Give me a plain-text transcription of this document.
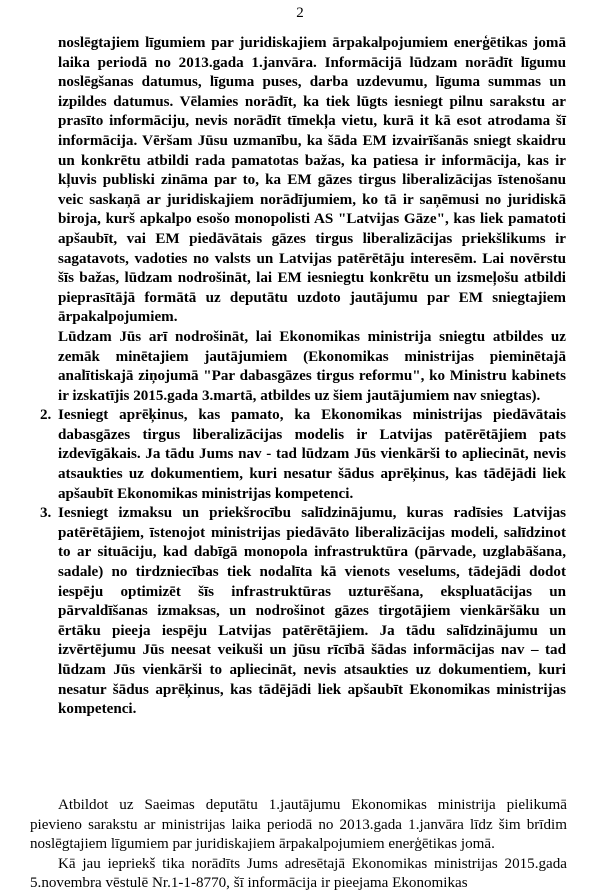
2

noslēgtajiem līgumiem par juridiskajiem ārpakalpojumiem enerģētikas jomā laika periodā no 2013.gada 1.janvāra. Informācijā lūdzam norādīt līgumu noslēgšanas datumus, līguma puses, darba uzdevumu, līguma summas un izpildes datumus. Vēlamies norādīt, ka tiek lūgts iesniegt pilnu sarakstu ar prasīto informāciju, nevis norādīt tīmekļa vietu, kurā it kā esot atrodama šī informācija. Vēršam Jūsu uzmanību, ka šāda EM izvairīšanās sniegt skaidru un konkrētu atbildi rada pamatotas bažas, ka patiesa ir informācija, kas ir kļuvis publiski zināma par to, ka EM gāzes tirgus liberalizācijas īstenošanu veic saskaņā ar juridiskajiem norādījumiem, ko tā ir saņēmusi no juridiskā biroja, kurš apkalpo esošo monopolisti AS "Latvijas Gāze", kas liek pamatoti apšaubīt, vai EM piedāvātais gāzes tirgus liberalizācijas priekšlikums ir sagatavots, vadoties no valsts un Latvijas patērētāju interesēm. Lai novērstu šīs bažas, lūdzam nodrošināt, lai EM iesniegtu konkrētu un izsmeļošu atbildi pieprasītājā formātā uz deputātu uzdoto jautājumu par EM sniegtajiem ārpakalpojumiem.

Lūdzam Jūs arī nodrošināt, lai Ekonomikas ministrija sniegtu atbildes uz zemāk minētajiem jautājumiem (Ekonomikas ministrijas pieminētajā analītiskajā ziņojumā "Par dabasgāzes tirgus reformu", ko Ministru kabinets ir izskatījis 2015.gada 3.martā, atbildes uz šiem jautājumiem nav sniegtas).

2. Iesniegt aprēķinus, kas pamato, ka Ekonomikas ministrijas piedāvātais dabasgāzes tirgus liberalizācijas modelis ir Latvijas patērētājiem pats izdevīgākais. Ja tādu Jums nav - tad lūdzam Jūs vienkārši to apliecināt, nevis atsaukties uz dokumentiem, kuri nesatur šādus aprēķinus, kas tādējādi liek apšaubīt Ekonomikas ministrijas kompetenci.
3. Iesniegt izmaksu un priekšrocību salīdzinājumu, kuras radīsies Latvijas patērētājiem, īstenojot ministrijas piedāvāto liberalizācijas modeli, salīdzinot to ar situāciju, kad dabīgā monopola infrastruktūra (pārvade, uzglabāšana, sadale) no tirdzniecības tiek nodalīta kā vienots veselums, tādejādi dodot iespēju optimizēt šīs infrastruktūras uzturēšana, ekspluatācijas un pārvaldīšanas izmaksas, un nodrošinot gāzes tirgotājiem vienkāršāku un ērtāku pieeja iespēju Latvijas patērētājiem. Ja tādu salīdzinājumu un izvērtējumu Jūs neesat veikuši un jūsu rīcībā šādas informācijas nav – tad lūdzam Jūs vienkārši to apliecināt, nevis atsaukties uz dokumentiem, kuri nesatur šādus aprēķinus, kas tādējādi liek apšaubīt Ekonomikas ministrijas kompetenci.

Atbildot uz Saeimas deputātu 1.jautājumu Ekonomikas ministrija pielikumā pievieno sarakstu ar ministrijas laika periodā no 2013.gada 1.janvāra līdz šim brīdim noslēgtajiem līgumiem par juridiskajiem ārpakalpojumiem enerģētikas jomā.

Kā jau iepriekš tika norādīts Jums adresētajā Ekonomikas ministrijas 2015.gada 5.novembra vēstulē Nr.1-1-8770, šī informācija ir pieejama Ekonomikas
